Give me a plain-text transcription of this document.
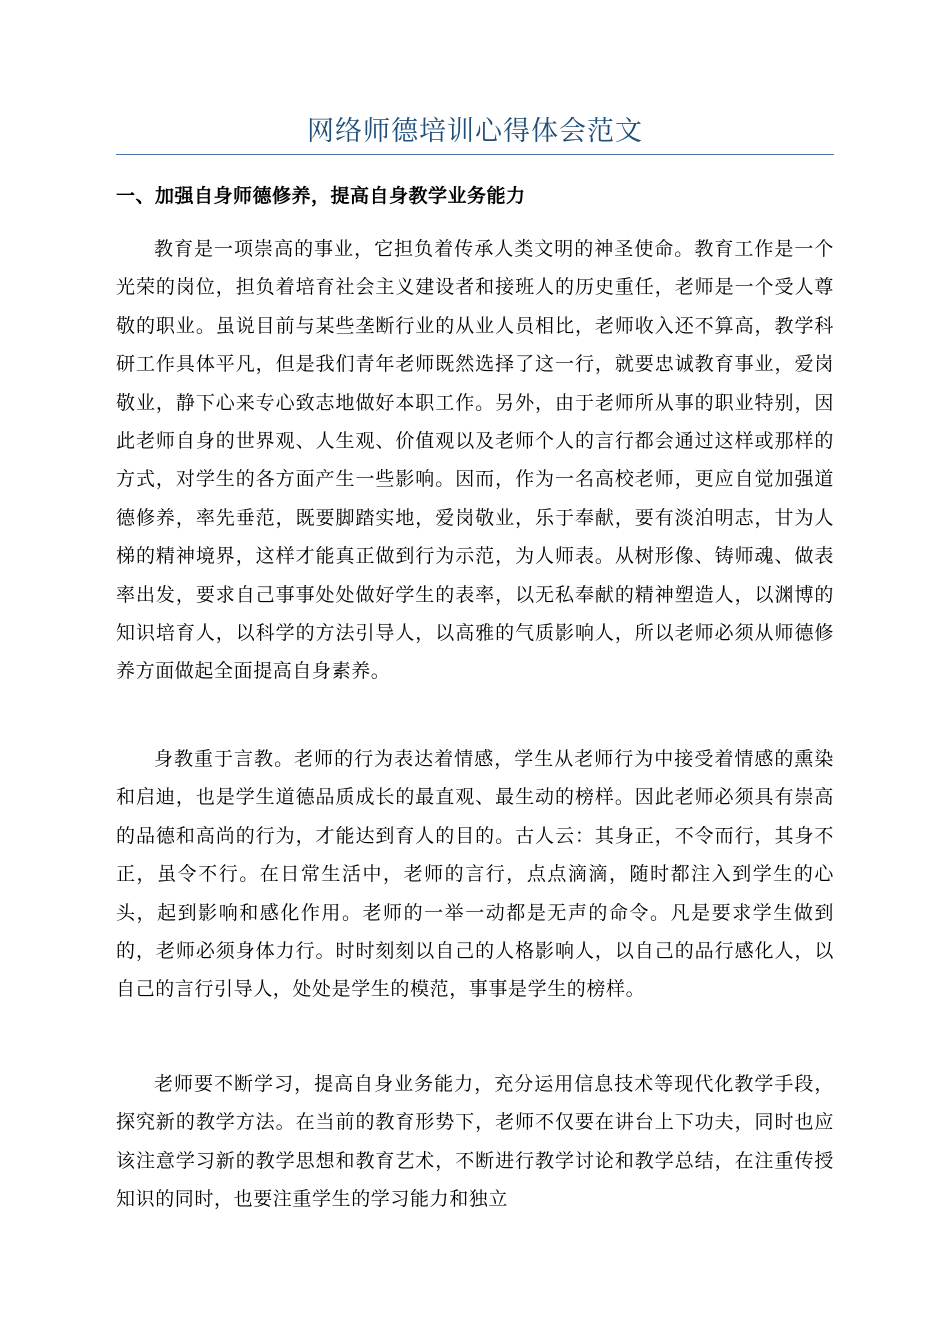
网络师德培训心得体会范文
一、加强自身师德修养，提高自身教学业务能力

教育是一项崇高的事业，它担负着传承人类文明的神圣使命。教育工作是一个光荣的岗位，担负着培育社会主义建设者和接班人的历史重任，老师是一个受人尊敬的职业。虽说目前与某些垄断行业的从业人员相比，老师收入还不算高，教学科研工作具体平凡，但是我们青年老师既然选择了这一行，就要忠诚教育事业，爱岗敬业，静下心来专心致志地做好本职工作。另外，由于老师所从事的职业特别，因此老师自身的世界观、人生观、价值观以及老师个人的言行都会通过这样或那样的方式，对学生的各方面产生一些影响。因而，作为一名高校老师，更应自觉加强道德修养，率先垂范，既要脚踏实地，爱岗敬业，乐于奉献，要有淡泊明志，甘为人梯的精神境界，这样才能真正做到行为示范，为人师表。从树形像、铸师魂、做表率出发，要求自己事事处处做好学生的表率，以无私奉献的精神塑造人，以渊博的知识培育人，以科学的方法引导人，以高雅的气质影响人，所以老师必须从师德修养方面做起全面提高自身素养。

身教重于言教。老师的行为表达着情感，学生从老师行为中接受着情感的熏染和启迪，也是学生道德品质成长的最直观、最生动的榜样。因此老师必须具有崇高的品德和高尚的行为，才能达到育人的目的。古人云：其身正，不令而行，其身不正，虽令不行。在日常生活中，老师的言行，点点滴滴，随时都注入到学生的心头，起到影响和感化作用。老师的一举一动都是无声的命令。凡是要求学生做到的，老师必须身体力行。时时刻刻以自己的人格影响人，以自己的品行感化人，以自己的言行引导人，处处是学生的模范，事事是学生的榜样。

老师要不断学习，提高自身业务能力，充分运用信息技术等现代化教学手段，探究新的教学方法。在当前的教育形势下，老师不仅要在讲台上下功夫，同时也应该注意学习新的教学思想和教育艺术，不断进行教学讨论和教学总结，在注重传授知识的同时，也要注重学生的学习能力和独立
